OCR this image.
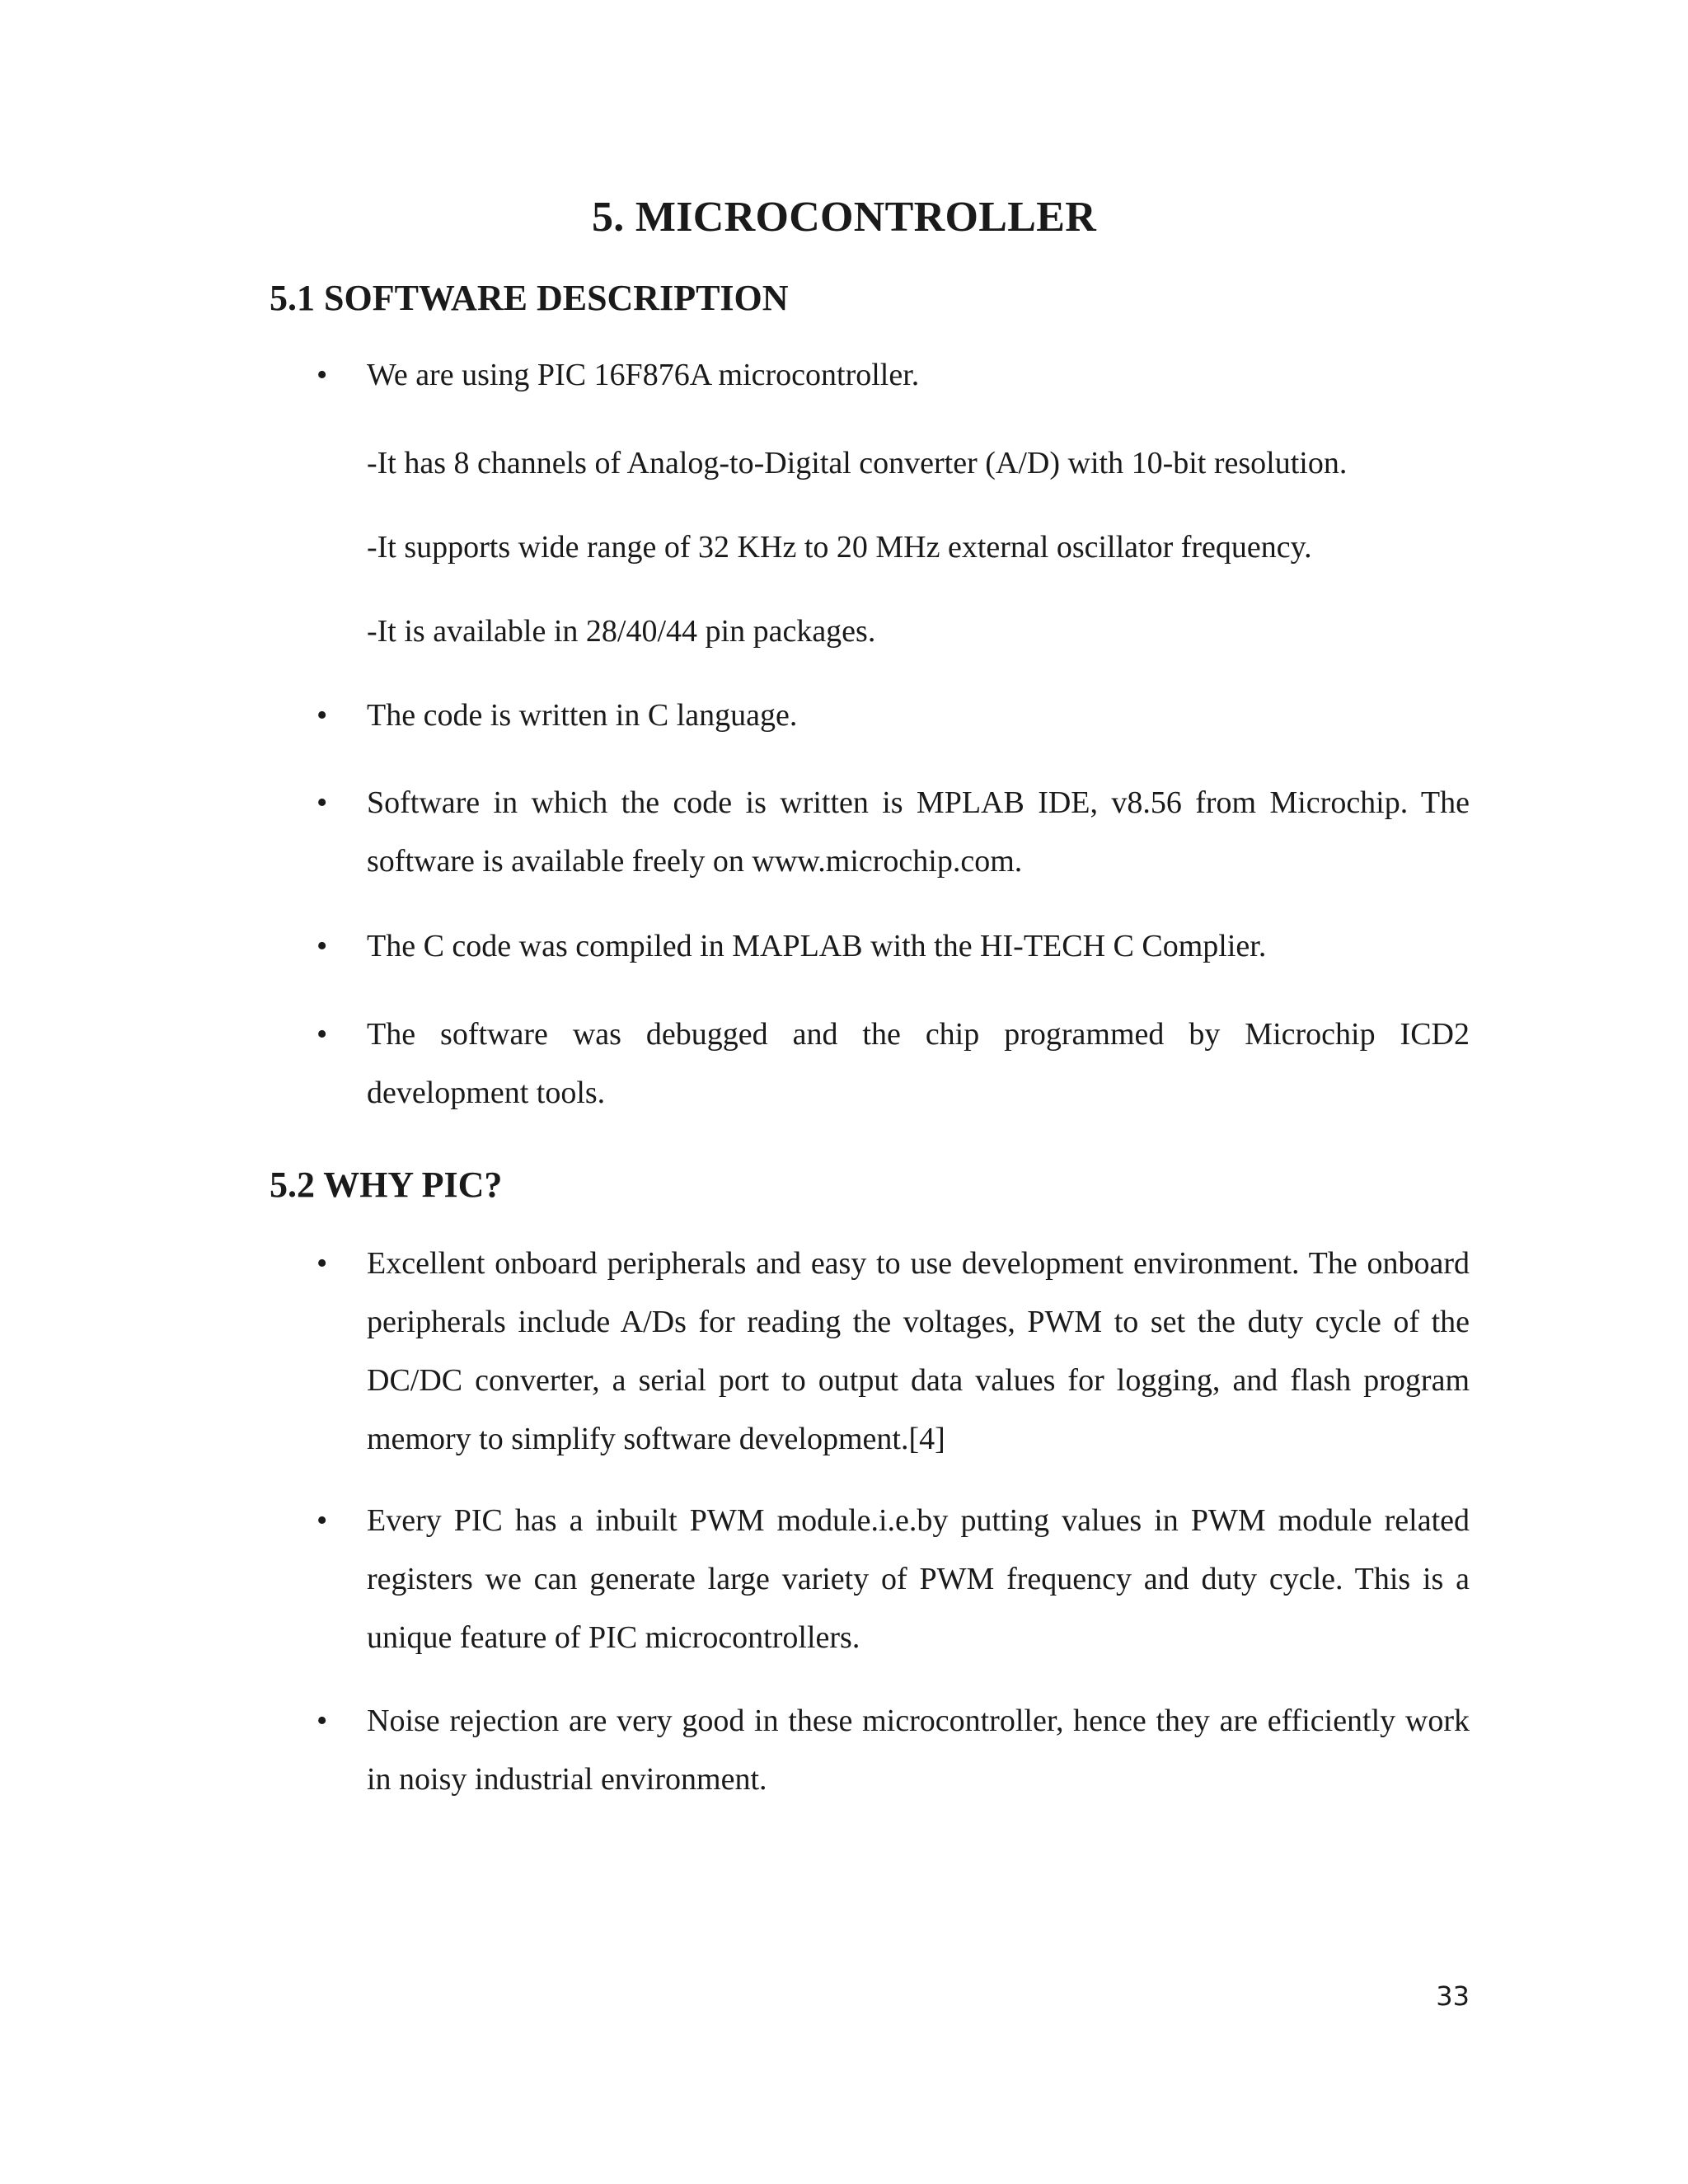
5. MICROCONTROLLER
5.1 SOFTWARE DESCRIPTION
• We are using PIC 16F876A microcontroller.
-It has 8 channels of Analog-to-Digital converter (A/D) with 10-bit resolution.
-It supports wide range of 32 KHz to 20 MHz external oscillator frequency.
-It is available in 28/40/44 pin packages.
• The code is written in C language.
• Software in which the code is written is MPLAB IDE, v8.56 from Microchip. The software is available freely on www.microchip.com.
• The C code was compiled in MAPLAB with the HI-TECH C Complier.
• The software was debugged and the chip programmed by Microchip ICD2 development tools.
5.2 WHY PIC?
• Excellent onboard peripherals and easy to use development environment. The onboard peripherals include A/Ds for reading the voltages, PWM to set the duty cycle of the DC/DC converter, a serial port to output data values for logging, and flash program memory to simplify software development.[4]
• Every PIC has a inbuilt PWM module.i.e.by putting values in PWM module related registers we can generate large variety of PWM frequency and duty cycle. This is a unique feature of PIC microcontrollers.
• Noise rejection are very good in these microcontroller, hence they are efficiently work in noisy industrial environment.
33
